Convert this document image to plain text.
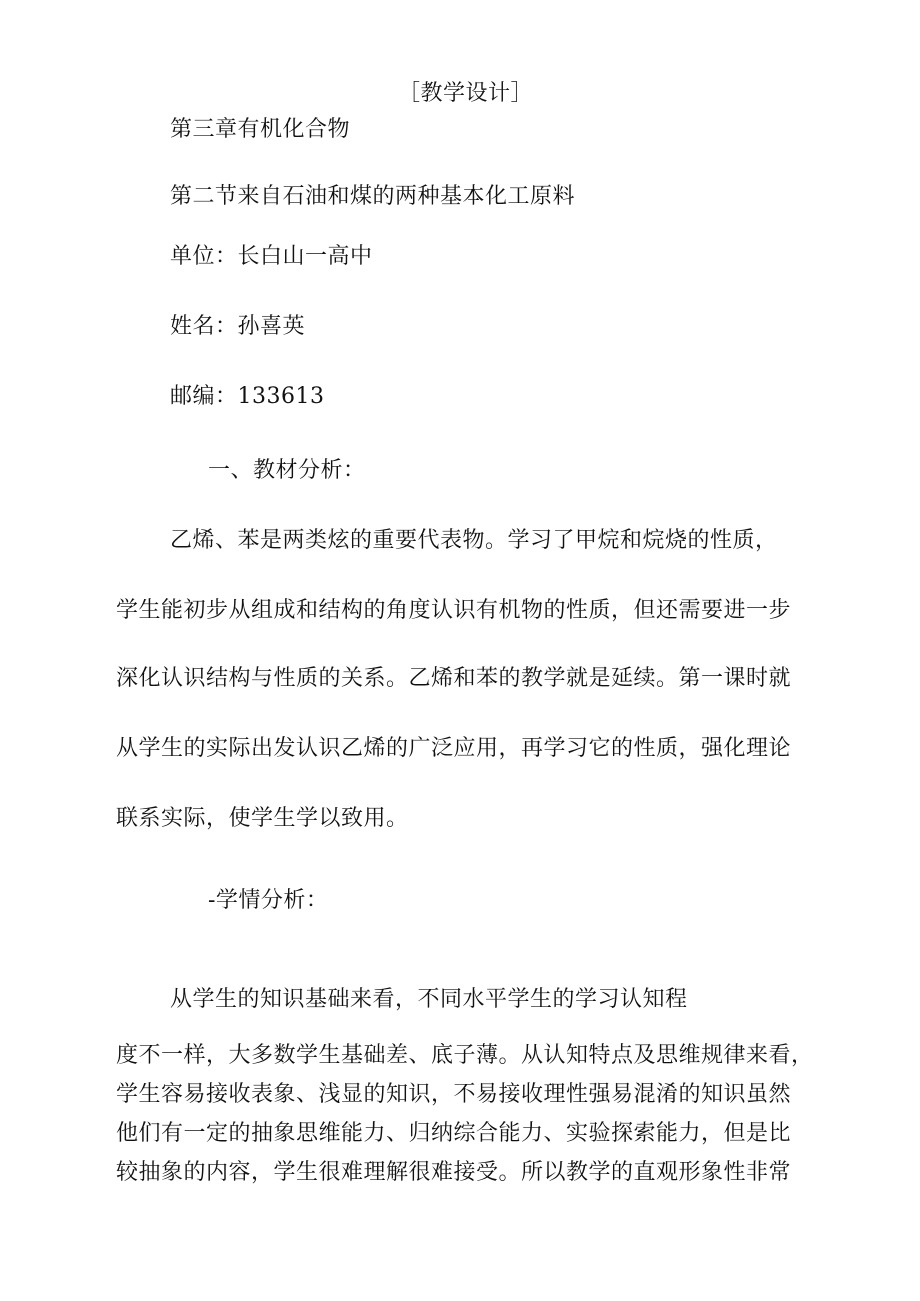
［教学设计］
第三章有机化合物
第二节来自石油和煤的两种基本化工原料
单位：长白山一高中
姓名：孙喜英
邮编：133613
一、教材分析：
乙烯、苯是两类炫的重要代表物。学习了甲烷和烷烧的性质，
学生能初步从组成和结构的角度认识有机物的性质，但还需要进一步
深化认识结构与性质的关系。乙烯和苯的教学就是延续。第一课时就
从学生的实际出发认识乙烯的广泛应用，再学习它的性质，强化理论
联系实际，使学生学以致用。
-学情分析：
从学生的知识基础来看，不同水平学生的学习认知程
度不一样，大多数学生基础差、底子薄。从认知特点及思维规律来看，
学生容易接收表象、浅显的知识，不易接收理性强易混淆的知识虽然
他们有一定的抽象思维能力、归纳综合能力、实验探索能力，但是比
较抽象的内容，学生很难理解很难接受。所以教学的直观形象性非常
